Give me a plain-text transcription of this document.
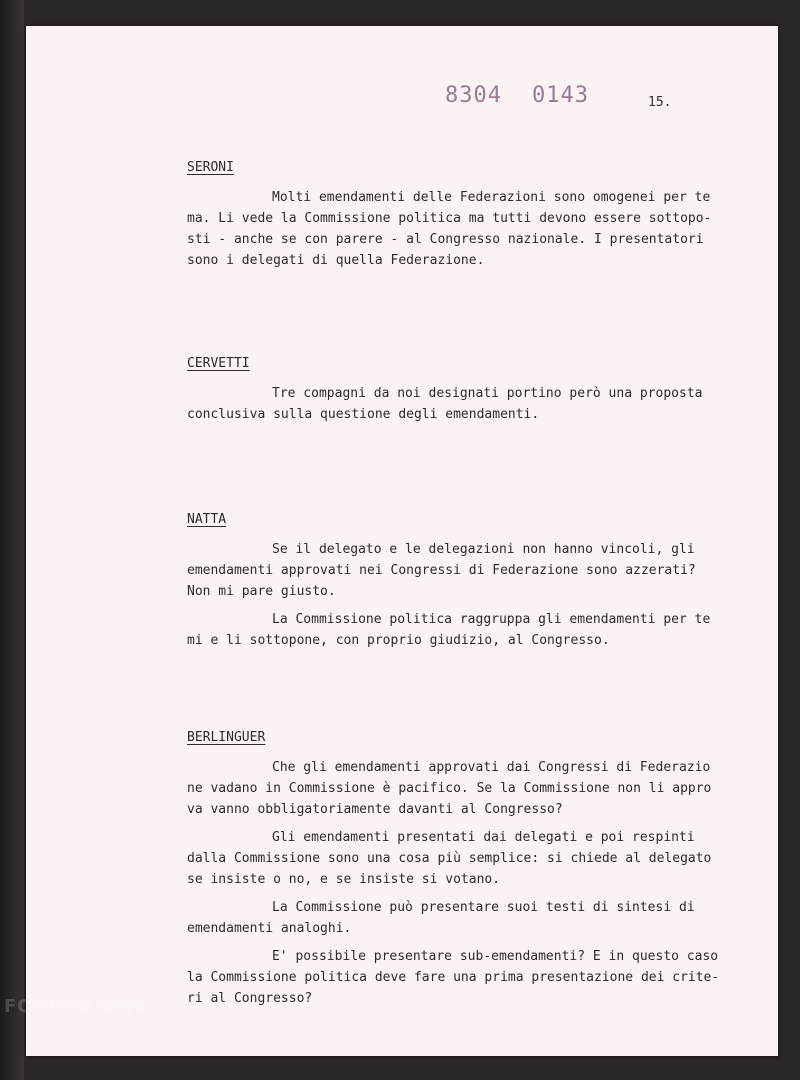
8304 0143	15.
SERONI
Molti emendamenti delle Federazioni sono omogenei per te
ma. Li vede la Commissione politica ma tutti devono essere sottopo-
sti - anche se con parere - al Congresso nazionale. I presentatori
sono i delegati di quella Federazione.
CERVETTI
Tre compagni da noi designati portino però una proposta
conclusiva sulla questione degli emendamenti.
NATTA
Se il delegato e le delegazioni non hanno vincoli, gli
emendamenti approvati nei Congressi di Federazione sono azzerati?
Non mi pare giusto.
La Commissione politica raggruppa gli emendamenti per te
mi e li sottopone, con proprio giudizio, al Congresso.
BERLINGUER
Che gli emendamenti approvati dai Congressi di Federazio
ne vadano in Commissione è pacifico. Se la Commissione non li appro
va vanno obbligatoriamente davanti al Congresso?
Gli emendamenti presentati dai delegati e poi respinti
dalla Commissione sono una cosa più semplice: si chiede al delegato
se insiste o no, e se insiste si votano.
La Commissione può presentare suoi testi di sintesi di
emendamenti analoghi.
E' possibile presentare sub-emendamenti? E in questo caso
la Commissione politica deve fare una prima presentazione dei crite-
ri al Congresso?
FONDAZIONE
GRAMSCI
